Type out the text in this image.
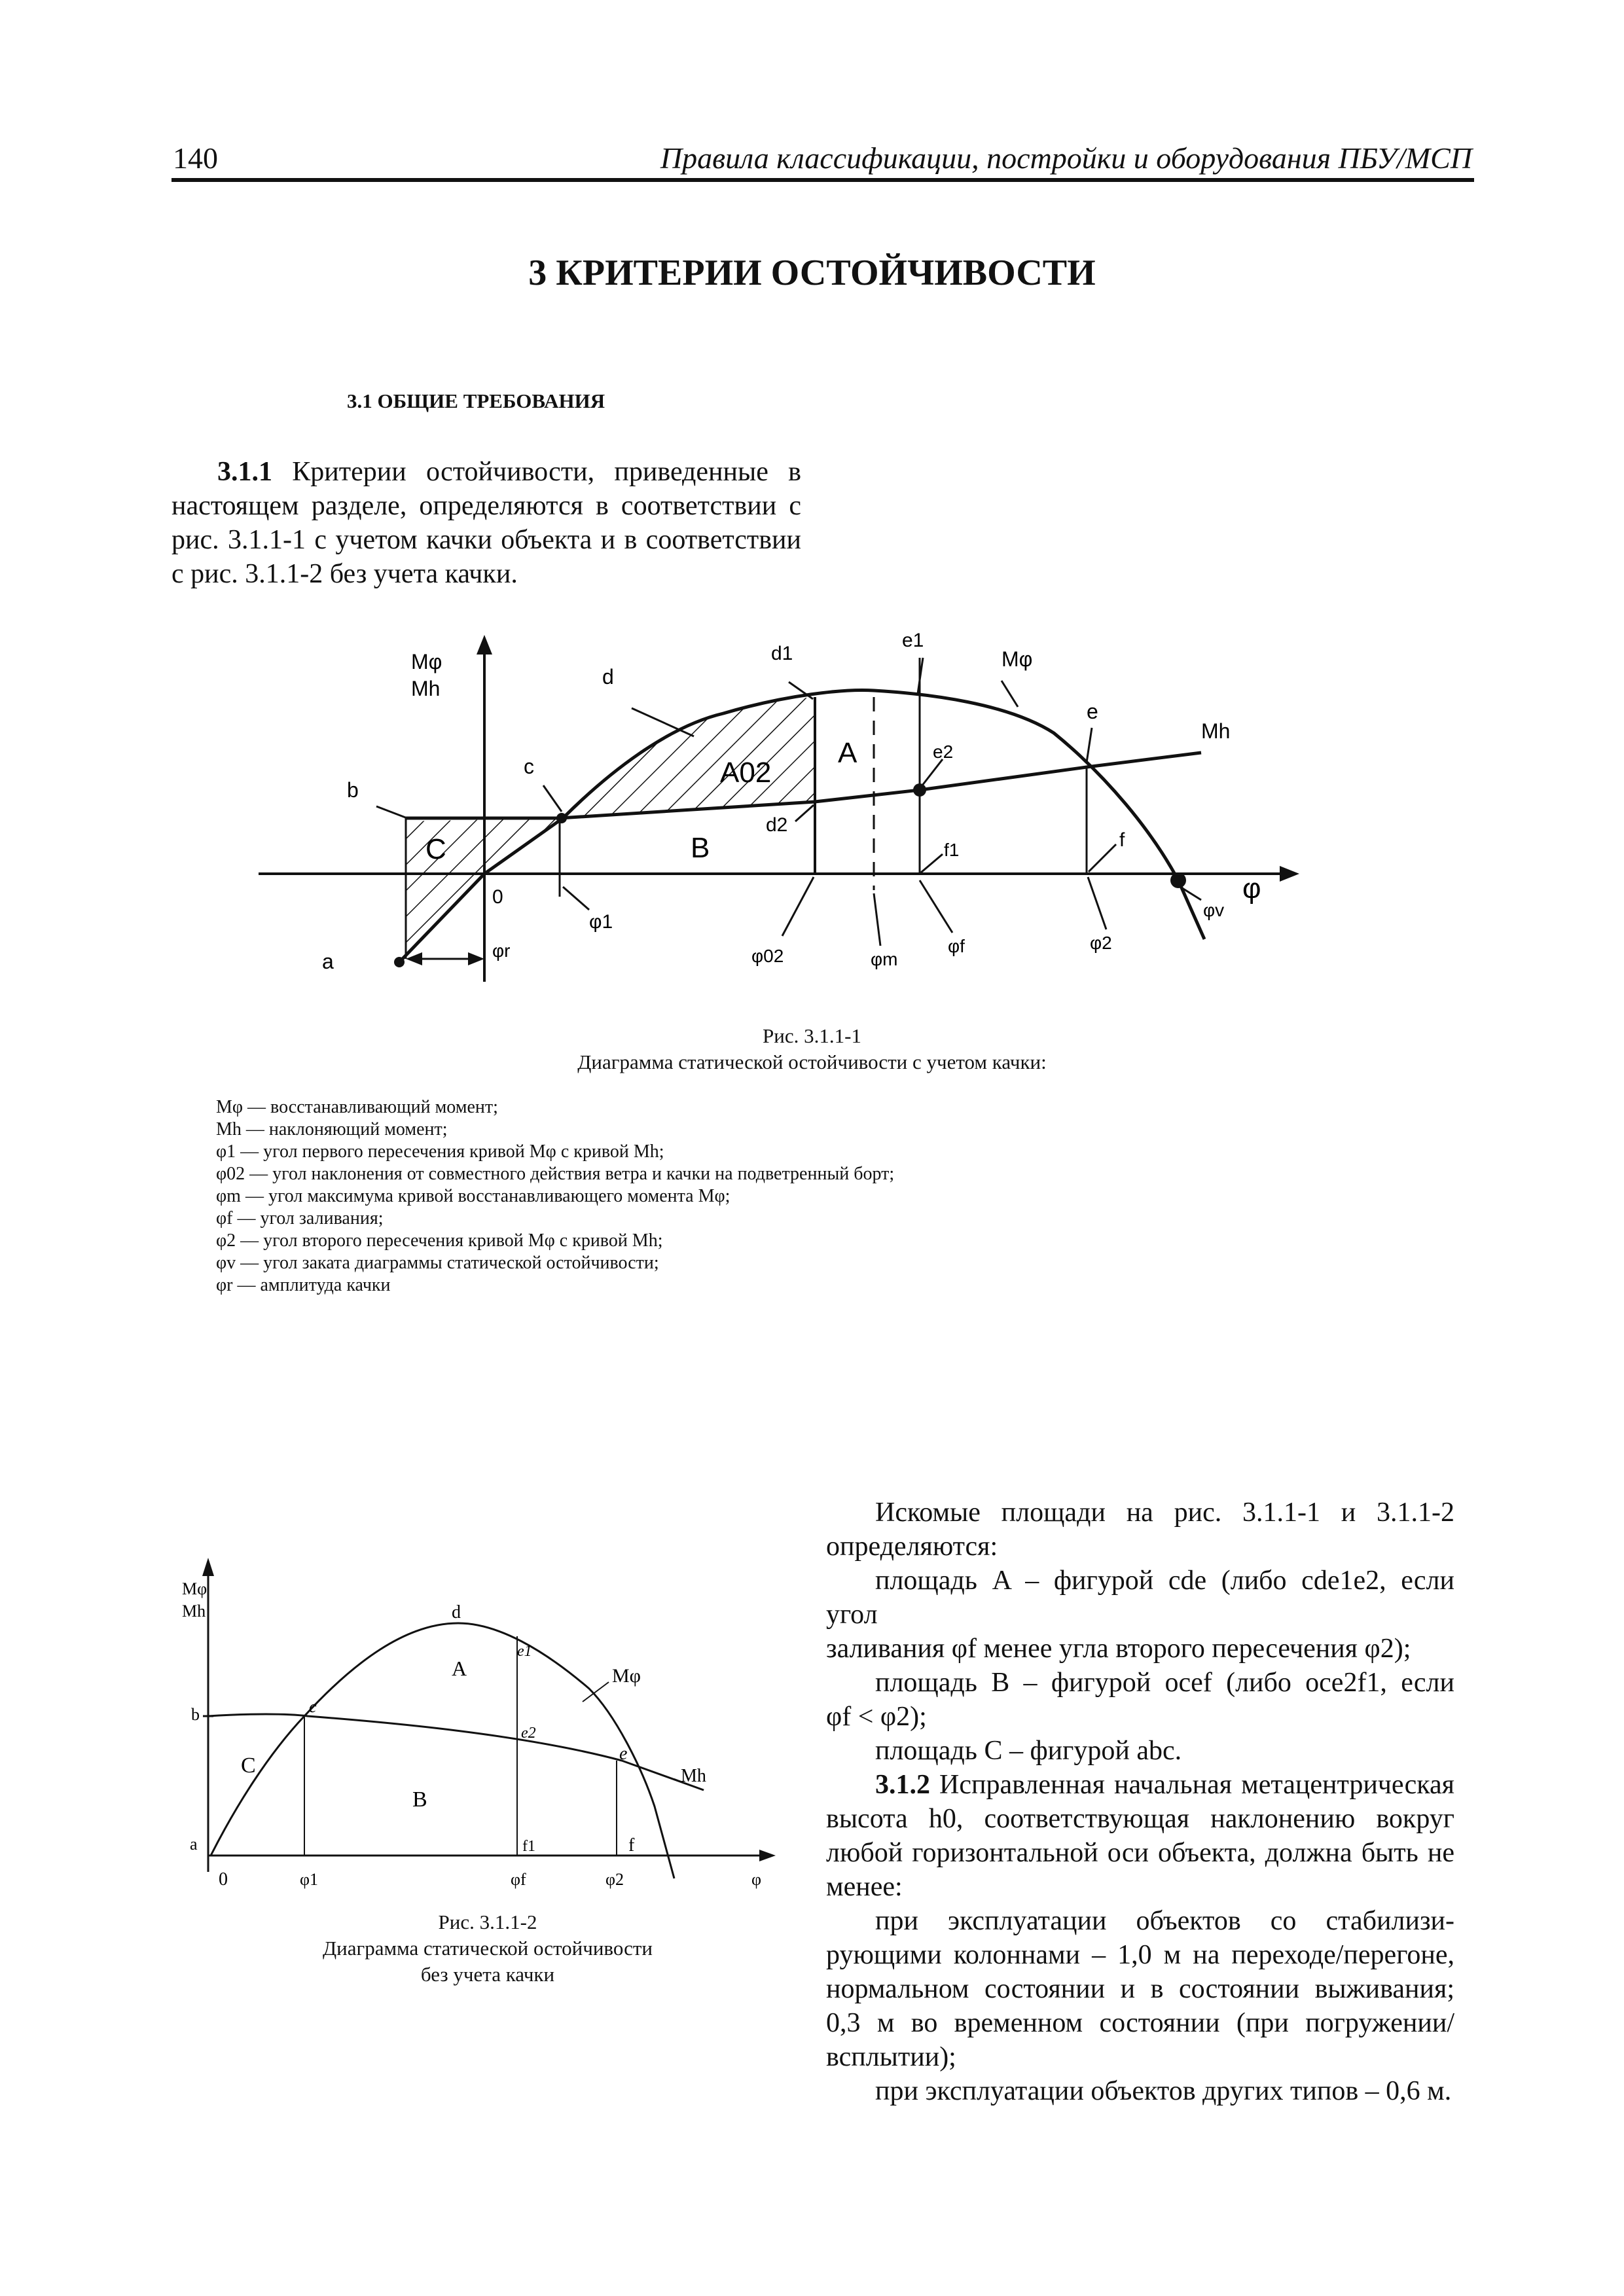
140	Правила классификации, постройки и оборудования ПБУ/МСП
3 КРИТЕРИИ ОСТОЙЧИВОСТИ
3.1 ОБЩИЕ ТРЕБОВАНИЯ
3.1.1 Критерии остойчивости, приведенные в
настоящем разделе, определяются в соответствии с
рис. 3.1.1-1 с учетом качки объекта и в соответствии
с рис. 3.1.1-2 без учета качки.
Mφ
Mh	d
d1
e1
Mφ
e
Mh
c
b
A02
A	e2
C	B
d2
f1	f
φ
0
φ1
φv
a	φr	φ02	φm
φf	φ2
Рис. 3.1.1-1
Диаграмма статической остойчивости с учетом качки:
Mφ — восстанавливающий момент;
Mh — наклоняющий момент;
φ1 — угол первого пересечения кривой Mφ с кривой Mh;
φ02 — угол наклонения от совместного действия ветра и качки на подветренный борт;
φm — угол максимума кривой восстанавливающего момента Mφ;
φf — угол заливания;
φ2 — угол второго пересечения кривой Mφ с кривой Mh;
φv — угол заката диаграммы статической остойчивости;
φr — амплитуда качки
Mφ
Mh	d
e1
A	Mφ
b	c
e2
e
Mh
C
B
a	f1	f
0	φ1	φf	φ2	φ
Рис. 3.1.1-2
Диаграмма статической остойчивости
без учета качки
Искомые площади на рис. 3.1.1-1 и 3.1.1-2
определяются:
площадь A – фигурой cde (либо cde1e2, если угол
заливания φf менее угла второго пересечения φ2);
площадь B – фигурой ocef (либо oce2f1, если
φf < φ2);
площадь C – фигурой abc.
3.1.2 Исправленная начальная метацентрическая
высота h0, соответствующая наклонению вокруг
любой горизонтальной оси объекта, должна быть не
менее:
при эксплуатации объектов со стабилизи-
рующими колоннами – 1,0 м на переходе/перегоне,
нормальном состоянии и в состоянии выживания;
0,3 м во временном состоянии (при погружении/
всплытии);
при эксплуатации объектов других типов – 0,6 м.
